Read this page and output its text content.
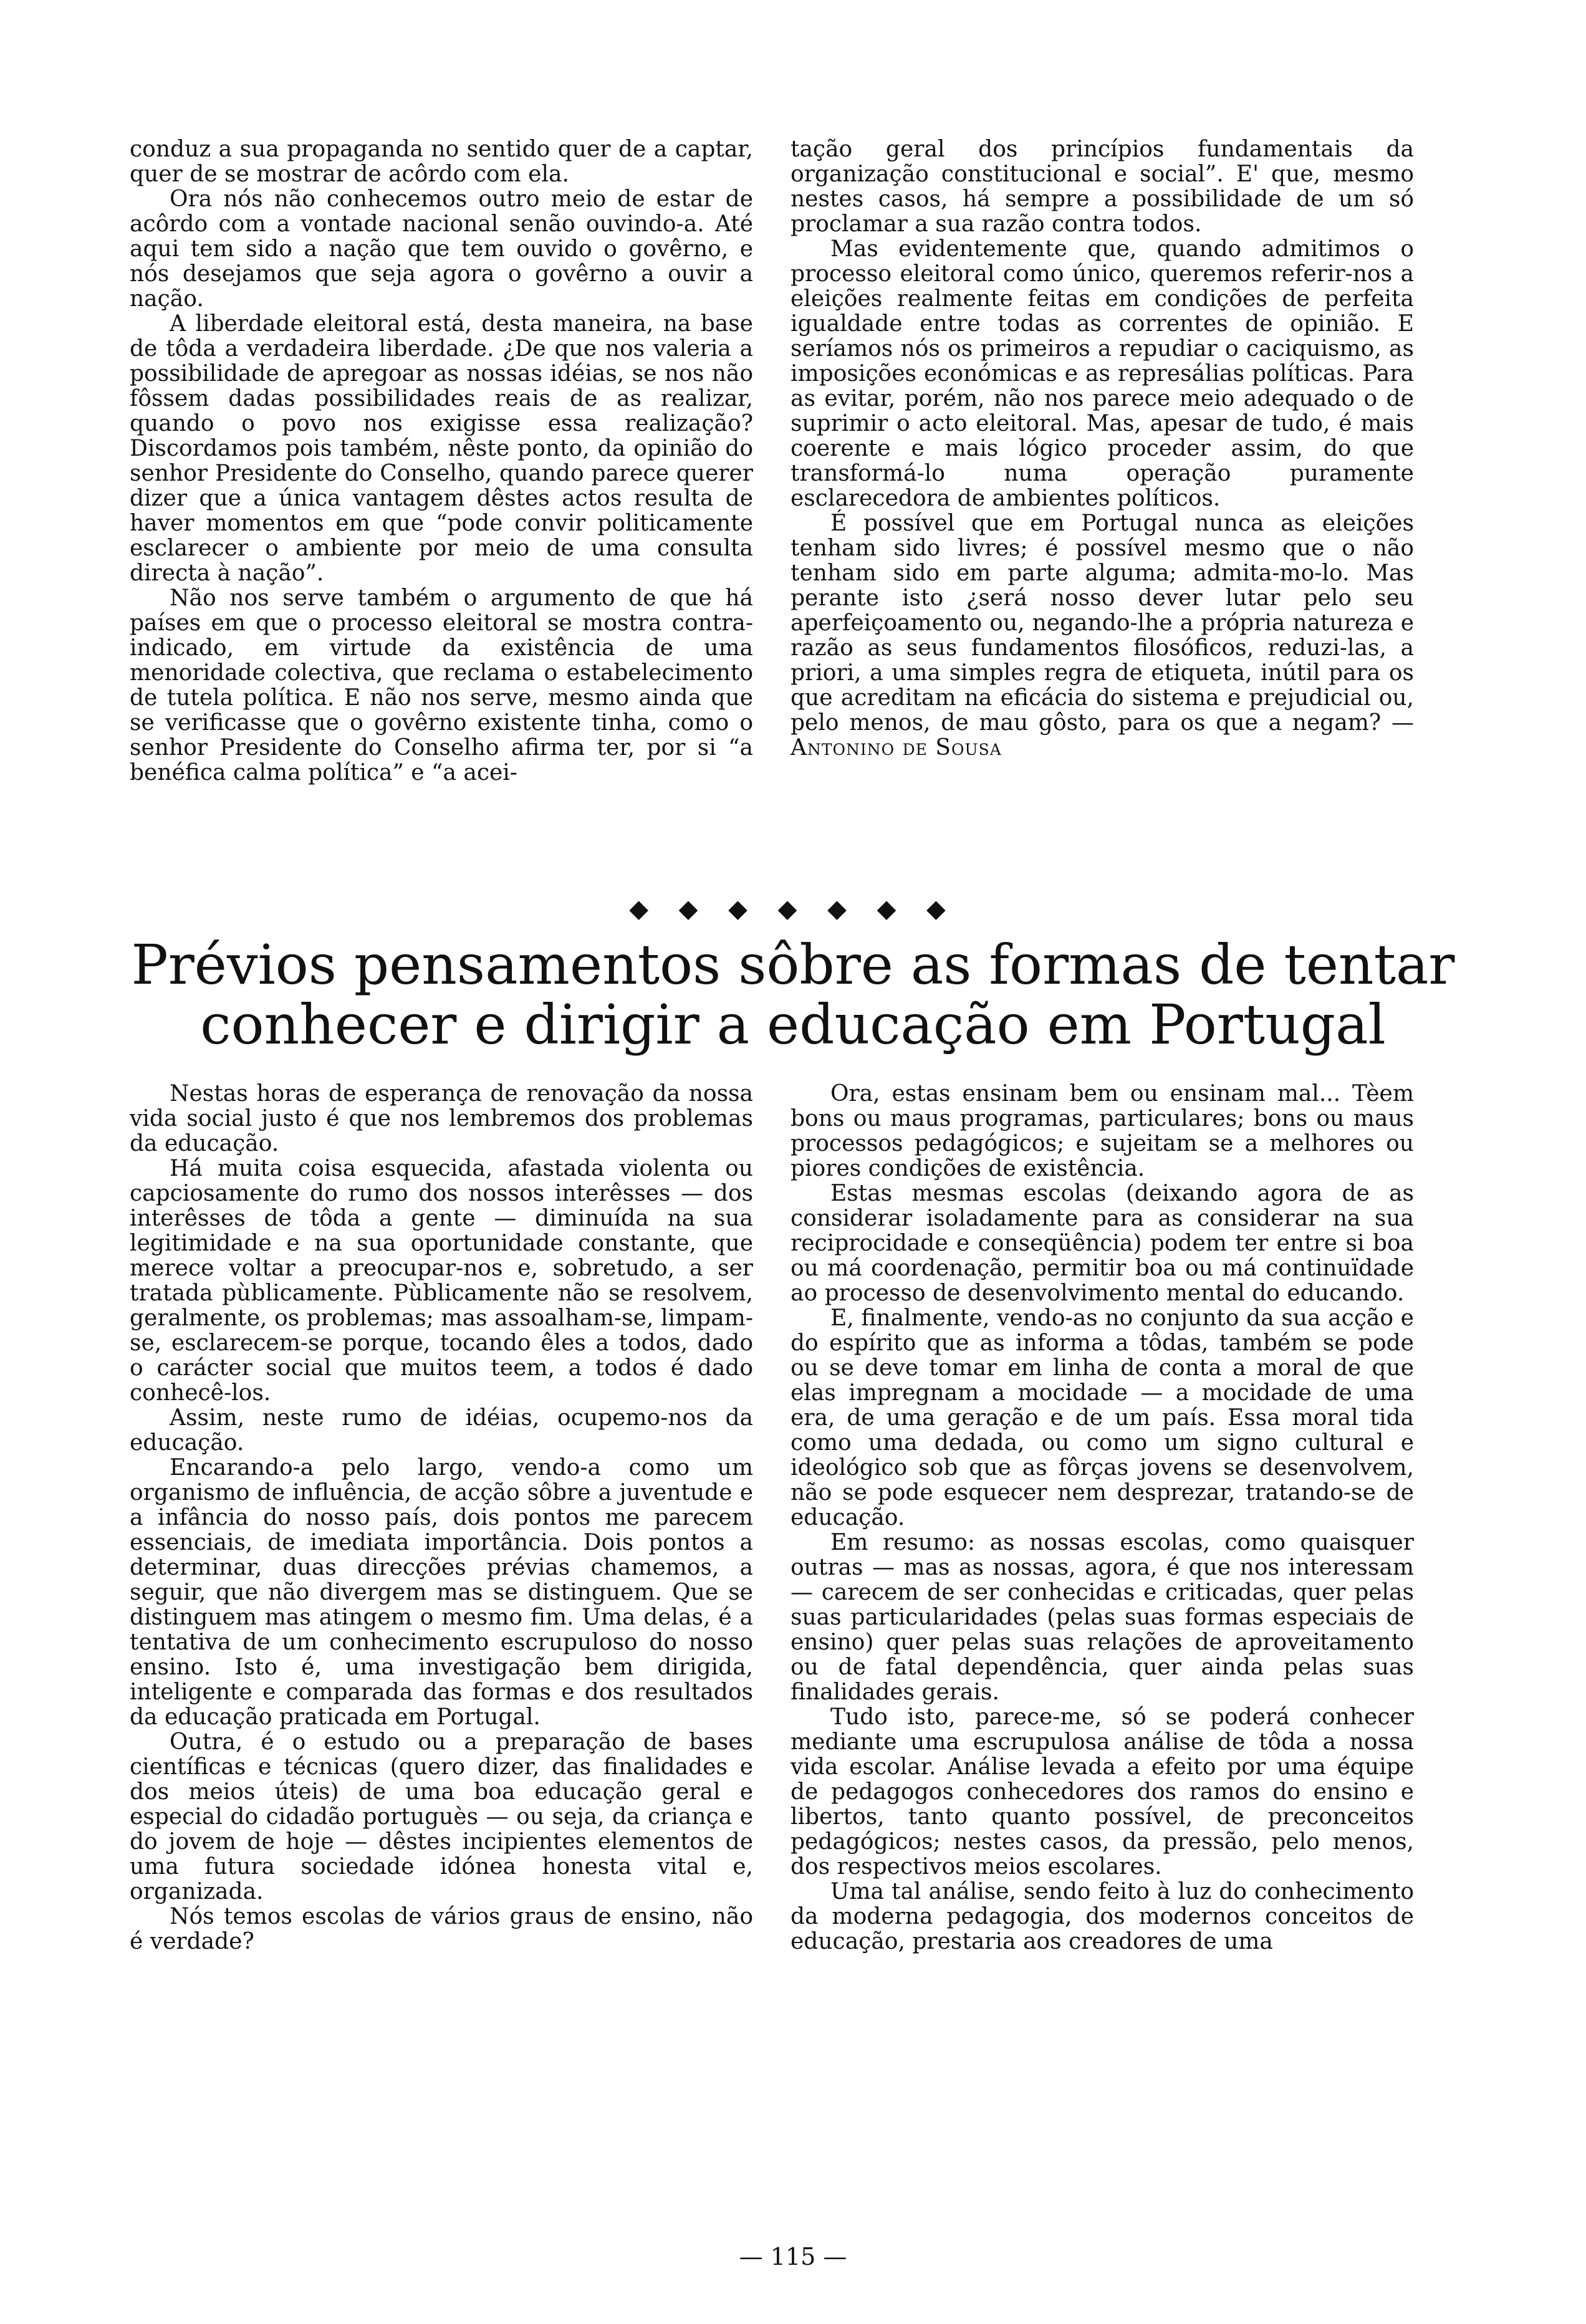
conduz a sua propaganda no sentido quer de a captar, quer de se mostrar de acôrdo com ela.

Ora nós não conhecemos outro meio de estar de acôrdo com a vontade nacional senão ouvindo-a. Até aqui tem sido a nação que tem ouvido o govêrno, e nós desejamos que seja agora o govêrno a ouvir a nação.

A liberdade eleitoral está, desta maneira, na base de tôda a verdadeira liberdade. ¿De que nos valeria a possibilidade de apregoar as nossas idéias, se nos não fôssem dadas possibilidades reais de as realizar, quando o povo nos exigisse essa realização? Discordamos pois também, nêste ponto, da opinião do senhor Presidente do Conselho, quando parece querer dizer que a única vantagem dêstes actos resulta de haver momentos em que “pode convir politicamente esclarecer o ambiente por meio de uma consulta directa à nação”.

Não nos serve também o argumento de que há países em que o processo eleitoral se mostra contra-indicado, em virtude da existência de uma menoridade colectiva, que reclama o estabelecimento de tutela política. E não nos serve, mesmo ainda que se verificasse que o govêrno existente tinha, como o senhor Presidente do Conselho afirma ter, por si “a benéfica calma política” e “a acei-

tação geral dos princípios fundamentais da organização constitucional e social”. E' que, mesmo nestes casos, há sempre a possibilidade de um só proclamar a sua razão contra todos.

Mas evidentemente que, quando admitimos o processo eleitoral como único, queremos referir-nos a eleições realmente feitas em condições de perfeita igualdade entre todas as correntes de opinião. E seríamos nós os primeiros a repudiar o caciquismo, as imposições económicas e as represálias políticas. Para as evitar, porém, não nos parece meio adequado o de suprimir o acto eleitoral. Mas, apesar de tudo, é mais coerente e mais lógico proceder assim, do que transformá-lo numa operação puramente esclarecedora de ambientes políticos.

É possível que em Portugal nunca as eleições tenham sido livres; é possível mesmo que o não tenham sido em parte alguma; admita-mo-lo. Mas perante isto ¿será nosso dever lutar pelo seu aperfeiçoamento ou, negando-lhe a própria natureza e razão as seus fundamentos filosóficos, reduzi-las, a priori, a uma simples regra de etiqueta, inútil para os que acreditam na eficácia do sistema e prejudicial ou, pelo menos, de mau gôsto, para os que a negam? — Antonino de Sousa

◆ ◆ ◆ ◆ ◆ ◆ ◆
Prévios pensamentos sôbre as formas de tentar conhecer e dirigir a educação em Portugal

Nestas horas de esperança de renovação da nossa vida social justo é que nos lembremos dos problemas da educação.

Há muita coisa esquecida, afastada violenta ou capciosamente do rumo dos nossos interêsses — dos interêsses de tôda a gente — diminuída na sua legitimidade e na sua oportunidade constante, que merece voltar a preocupar-nos e, sobretudo, a ser tratada pùblicamente. Pùblicamente não se resolvem, geralmente, os problemas; mas assoalham-se, limpam-se, esclarecem-se porque, tocando êles a todos, dado o carácter social que muitos teem, a todos é dado conhecê-los.

Assim, neste rumo de idéias, ocupemo-nos da educação.

Encarando-a pelo largo, vendo-a como um organismo de influência, de acção sôbre a juventude e a infância do nosso país, dois pontos me parecem essenciais, de imediata importância. Dois pontos a determinar, duas direcções prévias chamemos, a seguir, que não divergem mas se distinguem. Que se distinguem mas atingem o mesmo fim. Uma delas, é a tentativa de um conhecimento escrupuloso do nosso ensino. Isto é, uma investigação bem dirigida, inteligente e comparada das formas e dos resultados da educação praticada em Portugal.

Outra, é o estudo ou a preparação de bases científicas e técnicas (quero dizer, das finalidades e dos meios úteis) de uma boa educação geral e especial do cidadão portuguès — ou seja, da criança e do jovem de hoje — dêstes incipientes elementos de uma futura sociedade idónea honesta vital e, organizada.

Nós temos escolas de vários graus de ensino, não é verdade?

Ora, estas ensinam bem ou ensinam mal... Tèem bons ou maus programas, particulares; bons ou maus processos pedagógicos; e sujeitam se a melhores ou piores condições de existência.

Estas mesmas escolas (deixando agora de as considerar isoladamente para as considerar na sua reciprocidade e conseqüência) podem ter entre si boa ou má coordenação, permitir boa ou má continuïdade ao processo de desenvolvimento mental do educando.

E, finalmente, vendo-as no conjunto da sua acção e do espírito que as informa a tôdas, também se pode ou se deve tomar em linha de conta a moral de que elas impregnam a mocidade — a mocidade de uma era, de uma geração e de um país. Essa moral tida como uma dedada, ou como um signo cultural e ideológico sob que as fôrças jovens se desenvolvem, não se pode esquecer nem desprezar, tratando-se de educação.

Em resumo: as nossas escolas, como quaisquer outras — mas as nossas, agora, é que nos interessam — carecem de ser conhecidas e criticadas, quer pelas suas particularidades (pelas suas formas especiais de ensino) quer pelas suas relações de aproveitamento ou de fatal dependência, quer ainda pelas suas finalidades gerais.

Tudo isto, parece-me, só se poderá conhecer mediante uma escrupulosa análise de tôda a nossa vida escolar. Análise levada a efeito por uma équipe de pedagogos conhecedores dos ramos do ensino e libertos, tanto quanto possível, de preconceitos pedagógicos; nestes casos, da pressão, pelo menos, dos respectivos meios escolares.

Uma tal análise, sendo feito à luz do conhecimento da moderna pedagogia, dos modernos conceitos de educação, prestaria aos creadores de uma

— 115 —
